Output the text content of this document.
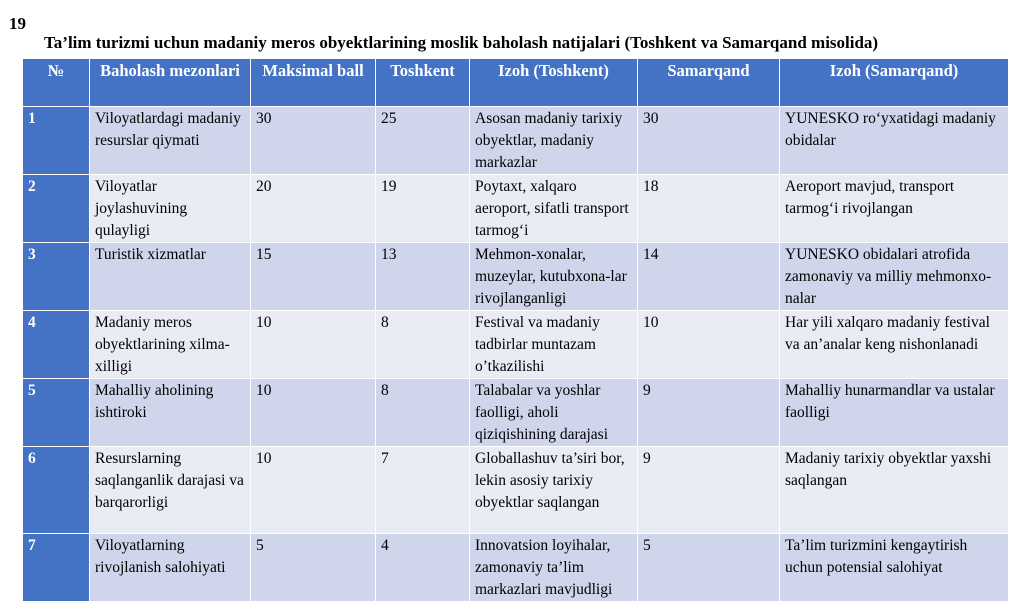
19
Ta’lim turizmi uchun madaniy meros obyektlarining moslik baholash natijalari (Toshkent va Samarqand misolida)
№	Baholash mezonlari	Maksimal ball	Toshkent	Izoh (Toshkent)	Samarqand	Izoh (Samarqand)
1	Viloyatlardagi madaniy resurslar qiymati	30	25	Asosan madaniy tarixiy obyektlar, madaniy markazlar	30	YUNESKO ro‘yxatidagi madaniy obidalar
2	Viloyatlar joylashuvining qulayligi	20	19	Poytaxt, xalqaro aeroport, sifatli transport tarmog‘i	18	Aeroport mavjud, transport tarmog‘i rivojlangan
3	Turistik xizmatlar	15	13	Mehmon-xonalar, muzeylar, kutubxona-lar rivojlanganligi	14	YUNESKO obidalari atrofida zamonaviy va milliy mehmonxo-nalar
4	Madaniy meros obyektlarining xilma-xilligi	10	8	Festival va madaniy tadbirlar muntazam o’tkazilishi	10	Har yili xalqaro madaniy festival va an’analar keng nishonlanadi
5	Mahalliy aholining ishtiroki	10	8	Talabalar va yoshlar faolligi, aholi qiziqishining darajasi	9	Mahalliy hunarmandlar va ustalar faolligi
6	Resurslarning saqlanganlik darajasi va barqarorligi	10	7	Globallashuv ta’siri bor, lekin asosiy tarixiy obyektlar saqlangan	9	Madaniy tarixiy obyektlar yaxshi saqlangan
7	Viloyatlarning rivojlanish salohiyati	5	4	Innovatsion loyihalar, zamonaviy ta’lim markazlari mavjudligi	5	Ta’lim turizmini kengaytirish uchun potensial salohiyat
